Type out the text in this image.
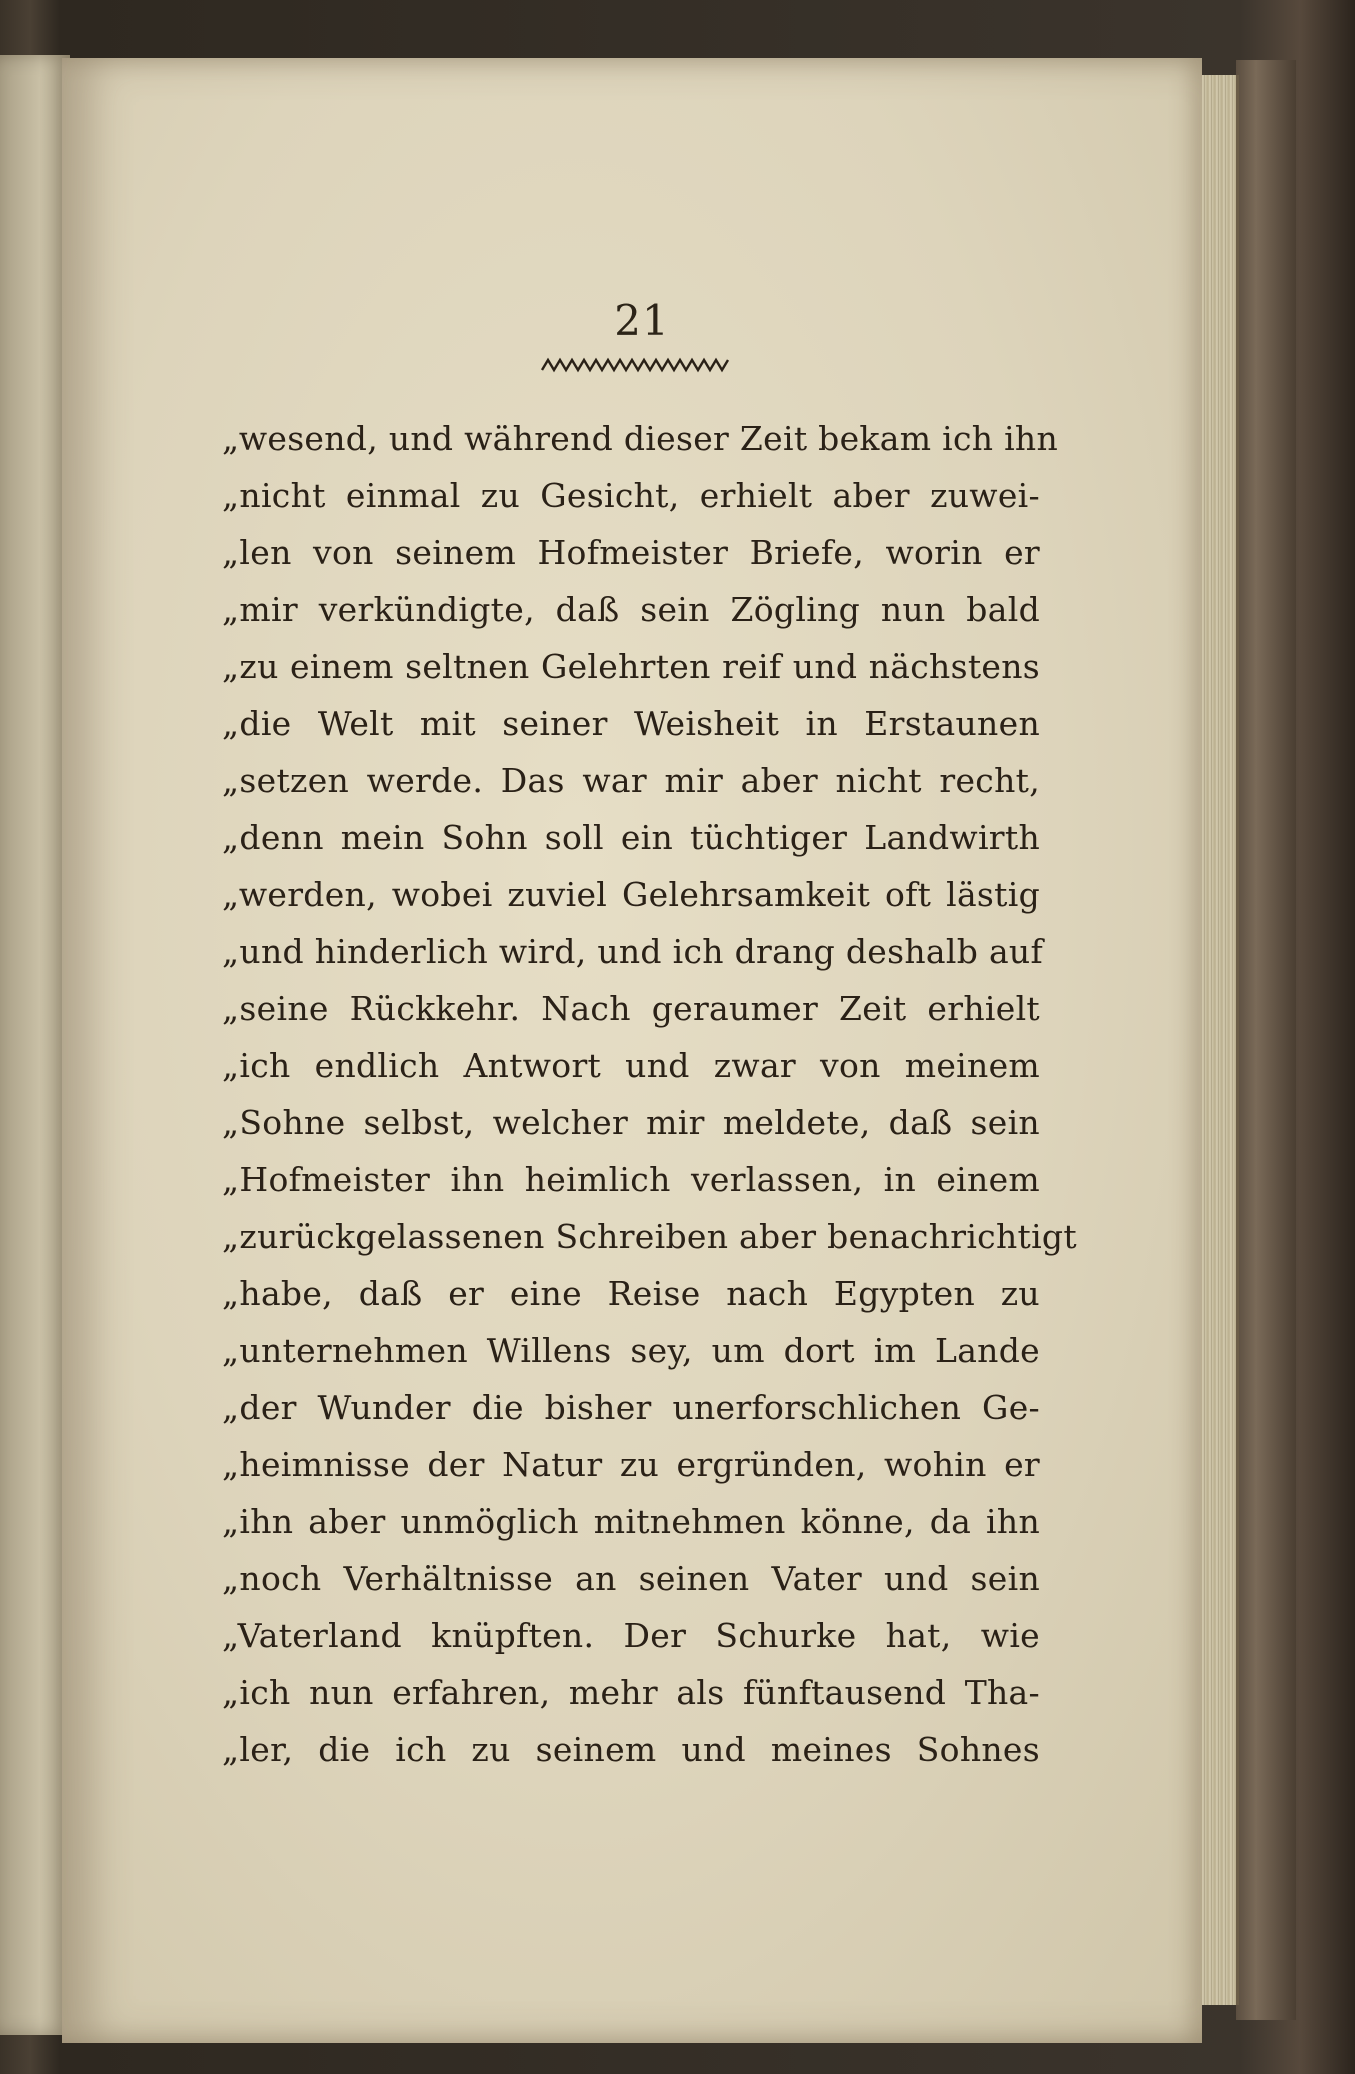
21
„wesend, und während dieser Zeit bekam ich ihn
„nicht einmal zu Gesicht, erhielt aber zuwei-
„len von seinem Hofmeister Briefe, worin er
„mir verkündigte, daß sein Zögling nun bald
„zu einem seltnen Gelehrten reif und nächstens
„die Welt mit seiner Weisheit in Erstaunen
„setzen werde. Das war mir aber nicht recht,
„denn mein Sohn soll ein tüchtiger Landwirth
„werden, wobei zuviel Gelehrsamkeit oft lästig
„und hinderlich wird, und ich drang deshalb auf
„seine Rückkehr. Nach geraumer Zeit erhielt
„ich endlich Antwort und zwar von meinem
„Sohne selbst, welcher mir meldete, daß sein
„Hofmeister ihn heimlich verlassen, in einem
„zurückgelassenen Schreiben aber benachrichtigt
„habe, daß er eine Reise nach Egypten zu
„unternehmen Willens sey, um dort im Lande
„der Wunder die bisher unerforschlichen Ge-
„heimnisse der Natur zu ergründen, wohin er
„ihn aber unmöglich mitnehmen könne, da ihn
„noch Verhältnisse an seinen Vater und sein
„Vaterland knüpften. Der Schurke hat, wie
„ich nun erfahren, mehr als fünftausend Tha-
„ler, die ich zu seinem und meines Sohnes
